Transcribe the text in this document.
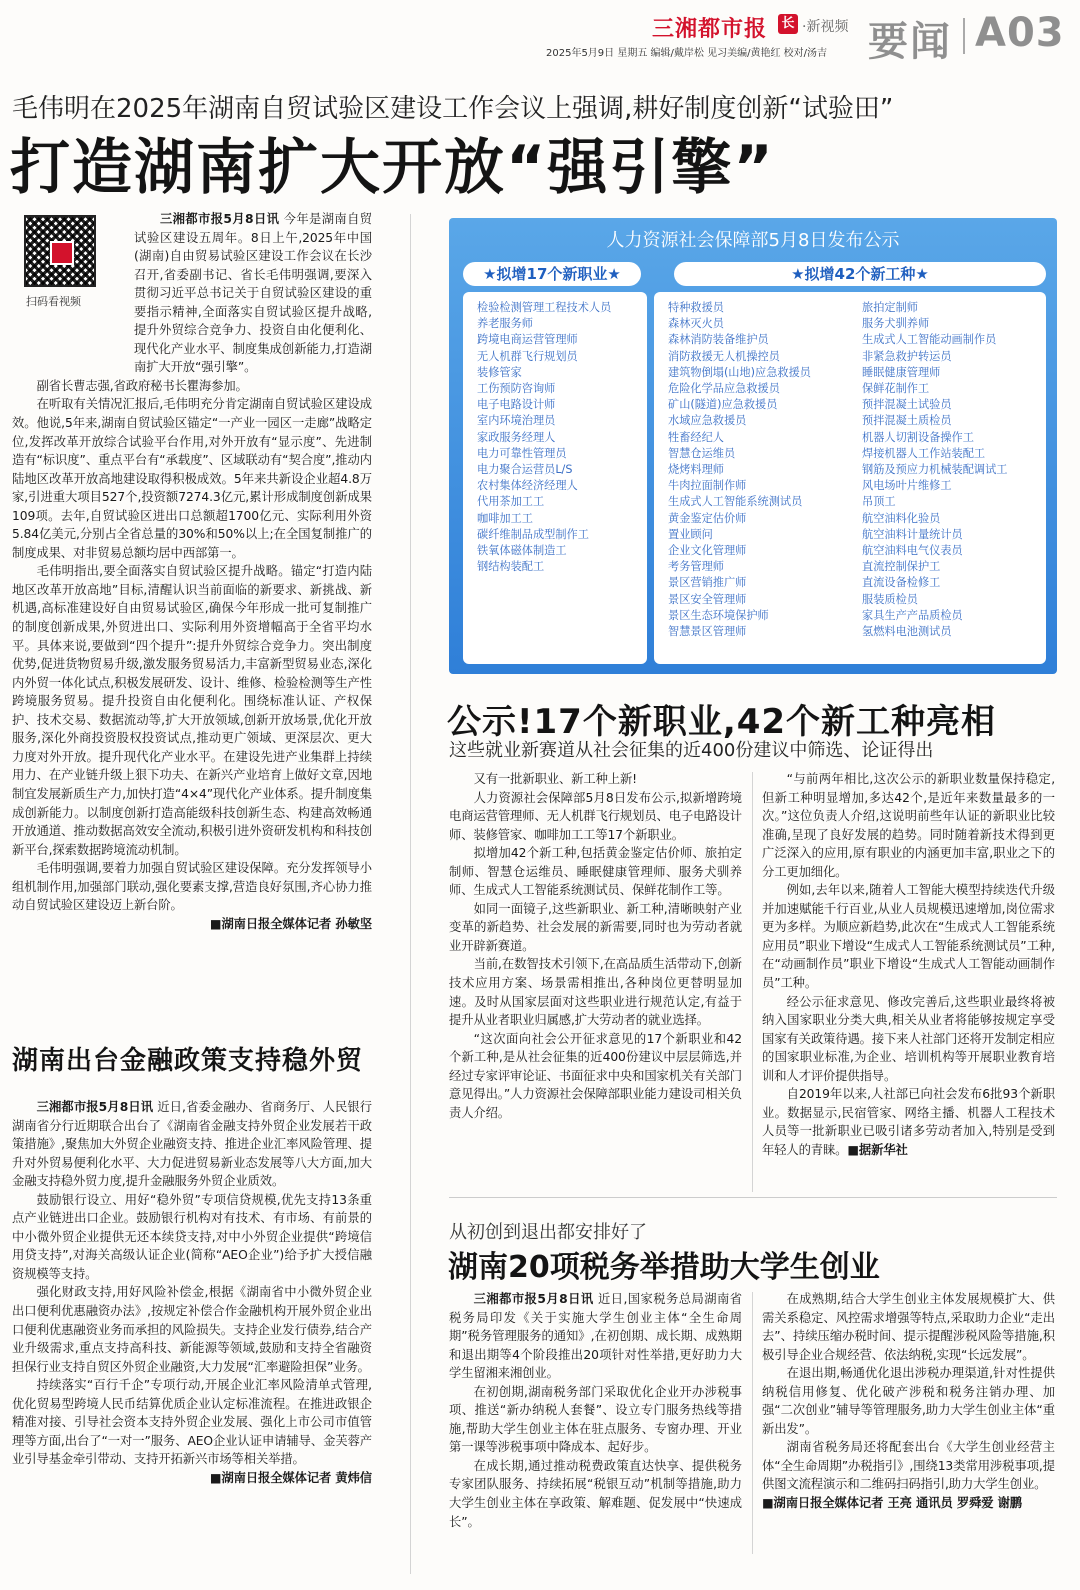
三湘都市报 长 ·新视频
2025年5月9日 星期五 编辑/戴岸松 见习美编/黄艳红 校对/汤吉 要闻 A03
毛伟明在2025年湖南自贸试验区建设工作会议上强调,耕好制度创新“试验田”
打造湖南扩大开放“强引擎”
扫码看视频

三湘都市报5月8日讯 今年是湖南自贸试验区建设五周年。8日上午,2025年中国(湖南)自由贸易试验区建设工作会议在长沙召开,省委副书记、省长毛伟明强调,要深入贯彻习近平总书记关于自贸试验区建设的重要指示精神,全面落实自贸试验区提升战略,提升外贸综合竞争力、投资自由化便利化、现代化产业水平、制度集成创新能力,打造湖南扩大开放“强引擎”。

副省长曹志强,省政府秘书长瞿海参加。

在听取有关情况汇报后,毛伟明充分肯定湖南自贸试验区建设成效。他说,5年来,湖南自贸试验区锚定“一产业一园区一走廊”战略定位,发挥改革开放综合试验平台作用,对外开放有“显示度”、先进制造有“标识度”、重点平台有“承载度”、区域联动有“契合度”,推动内陆地区改革开放高地建设取得积极成效。5年来共新设企业超4.8万家,引进重大项目527个,投资额7274.3亿元,累计形成制度创新成果109项。去年,自贸试验区进出口总额超1700亿元、实际利用外资5.84亿美元,分别占全省总量的30%和50%以上;在全国复制推广的制度成果、对非贸易总额均居中西部第一。

毛伟明指出,要全面落实自贸试验区提升战略。锚定“打造内陆地区改革开放高地”目标,清醒认识当前面临的新要求、新挑战、新机遇,高标准建设好自由贸易试验区,确保今年形成一批可复制推广的制度创新成果,外贸进出口、实际利用外资增幅高于全省平均水平。具体来说,要做到“四个提升”:提升外贸综合竞争力。突出制度优势,促进货物贸易升级,激发服务贸易活力,丰富新型贸易业态,深化内外贸一体化试点,积极发展研发、设计、维修、检验检测等生产性跨境服务贸易。提升投资自由化便利化。围绕标准认证、产权保护、技术交易、数据流动等,扩大开放领域,创新开放场景,优化开放服务,深化外商投资股权投资试点,推动更广领域、更深层次、更大力度对外开放。提升现代化产业水平。在建设先进产业集群上持续用力、在产业链升级上狠下功夫、在新兴产业培育上做好文章,因地制宜发展新质生产力,加快打造“4×4”现代化产业体系。提升制度集成创新能力。以制度创新打造高能级科技创新生态、构建高效畅通开放通道、推动数据高效安全流动,积极引进外资研发机构和科技创新平台,探索数据跨境流动机制。

毛伟明强调,要着力加强自贸试验区建设保障。充分发挥领导小组机制作用,加强部门联动,强化要素支撑,营造良好氛围,齐心协力推动自贸试验区建设迈上新台阶。

■湖南日报全媒体记者 孙敏坚

湖南出台金融政策支持稳外贸

三湘都市报5月8日讯 近日,省委金融办、省商务厅、人民银行湖南省分行近期联合出台了《湖南省金融支持外贸企业发展若干政策措施》,聚焦加大外贸企业融资支持、推进企业汇率风险管理、提升对外贸易便利化水平、大力促进贸易新业态发展等八大方面,加大金融支持稳外贸力度,提升金融服务外贸企业质效。

鼓励银行设立、用好“稳外贸”专项信贷规模,优先支持13条重点产业链进出口企业。鼓励银行机构对有技术、有市场、有前景的中小微外贸企业提供无还本续贷支持,对中小外贸企业提供“跨境信用贷支持”,对海关高级认证企业(简称“AEO企业”)给予扩大授信融资规模等支持。

强化财政支持,用好风险补偿金,根据《湖南省中小微外贸企业出口便利优惠融资办法》,按规定补偿合作金融机构开展外贸企业出口便利优惠融资业务而承担的风险损失。支持企业发行债券,结合产业升级需求,重点支持高科技、新能源等领域,鼓励和支持全省融资担保行业支持自贸区外贸企业融资,大力发展“汇率避险担保”业务。

持续落实“百行千企”专项行动,开展企业汇率风险清单式管理,优化贸易型跨境人民币结算优质企业认定标准流程。在推进政银企精准对接、引导社会资本支持外贸企业发展、强化上市公司市值管理等方面,出台了“一对一”服务、AEO企业认证申请辅导、金芙蓉产业引导基金牵引带动、支持开拓新兴市场等相关举措。

■湖南日报全媒体记者 黄炜信

人力资源社会保障部5月8日发布公示
★拟增17个新职业★	★拟增42个新工种★
检验检测管理工程技术人员
养老服务师
跨境电商运营管理师
无人机群飞行规划员
装修管家
工伤预防咨询师
电子电路设计师
室内环境治理员
家政服务经理人
电力可靠性管理员
电力聚合运营员L/S
农村集体经济经理人
代用茶加工工
咖啡加工工
碳纤维制品成型制作工
铁氧体磁体制造工
钢结构装配工
特种救援员
森林灭火员
森林消防装备维护员
消防救援无人机操控员
建筑物倒塌(山地)应急救援员
危险化学品应急救援员
矿山(隧道)应急救援员
水域应急救援员
牲畜经纪人
智慧仓运维员
烧烤料理师
牛肉拉面制作师
生成式人工智能系统测试员
黄金鉴定估价师
置业顾问
企业文化管理师
考务管理师
景区营销推广师
景区安全管理师
景区生态环境保护师
智慧景区管理师
旅拍定制师
服务犬驯养师
生成式人工智能动画制作员
非紧急救护转运员
睡眠健康管理师
保鲜花制作工
预拌混凝土试验员
预拌混凝土质检员
机器人切割设备操作工
焊接机器人工作站装配工
钢筋及预应力机械装配调试工
风电场叶片维修工
吊顶工
航空油料化验员
航空油料计量统计员
航空油料电气仪表员
直流控制保护工
直流设备检修工
服装质检员
家具生产产品质检员
氢燃料电池测试员
公示!17个新职业,42个新工种亮相
这些就业新赛道从社会征集的近400份建议中筛选、论证得出

又有一批新职业、新工种上新!

人力资源社会保障部5月8日发布公示,拟新增跨境电商运营管理师、无人机群飞行规划员、电子电路设计师、装修管家、咖啡加工工等17个新职业。

拟增加42个新工种,包括黄金鉴定估价师、旅拍定制师、智慧仓运维员、睡眠健康管理师、服务犬驯养师、生成式人工智能系统测试员、保鲜花制作工等。

如同一面镜子,这些新职业、新工种,清晰映射产业变革的新趋势、社会发展的新需要,同时也为劳动者就业开辟新赛道。

当前,在数智技术引领下,在高品质生活带动下,创新技术应用方案、场景需相推出,各种岗位更替明显加速。及时从国家层面对这些职业进行规范认定,有益于提升从业者职业归属感,扩大劳动者的就业选择。

“这次面向社会公开征求意见的17个新职业和42个新工种,是从社会征集的近400份建议中层层筛选,并经过专家评审论证、书面征求中央和国家机关有关部门意见得出。”人力资源社会保障部职业能力建设司相关负责人介绍。

“与前两年相比,这次公示的新职业数量保持稳定,但新工种明显增加,多达42个,是近年来数量最多的一次。”这位负责人介绍,这说明前些年认证的新职业比较准确,呈现了良好发展的趋势。同时随着新技术得到更广泛深入的应用,原有职业的内涵更加丰富,职业之下的分工更加细化。

例如,去年以来,随着人工智能大模型持续迭代升级并加速赋能千行百业,从业人员规模迅速增加,岗位需求更为多样。为顺应新趋势,此次在“生成式人工智能系统应用员”职业下增设“生成式人工智能系统测试员”工种,在“动画制作员”职业下增设“生成式人工智能动画制作员”工种。

经公示征求意见、修改完善后,这些职业最终将被纳入国家职业分类大典,相关从业者将能够按规定享受国家有关政策待遇。接下来人社部门还将开发制定相应的国家职业标准,为企业、培训机构等开展职业教育培训和人才评价提供指导。

自2019年以来,人社部已向社会发布6批93个新职业。数据显示,民宿管家、网络主播、机器人工程技术人员等一批新职业已吸引诸多劳动者加入,特别是受到年轻人的青睐。■据新华社

从初创到退出都安排好了
湖南20项税务举措助大学生创业

三湘都市报5月8日讯 近日,国家税务总局湖南省税务局印发《关于实施大学生创业主体“全生命周期”税务管理服务的通知》,在初创期、成长期、成熟期和退出期等4个阶段推出20项针对性举措,更好助力大学生留湘来湘创业。

在初创期,湖南税务部门采取优化企业开办涉税事项、推送“新办纳税人套餐”、设立专门服务热线等措施,帮助大学生创业主体在驻点服务、专窗办理、开业第一课等涉税事项中降成本、起好步。

在成长期,通过推动税费政策直达快享、提供税务专家团队服务、持续拓展“税银互动”机制等措施,助力大学生创业主体在享政策、解难题、促发展中“快速成长”。

在成熟期,结合大学生创业主体发展规模扩大、供需关系稳定、风控需求增强等特点,采取助力企业“走出去”、持续压缩办税时间、提示提醒涉税风险等措施,积极引导企业合规经营、依法纳税,实现“长远发展”。

在退出期,畅通优化退出涉税办理渠道,针对性提供纳税信用修复、优化破产涉税和税务注销办理、加强“二次创业”辅导等管理服务,助力大学生创业主体“重新出发”。

湖南省税务局还将配套出台《大学生创业经营主体“全生命周期”办税指引》,围绕13类常用涉税事项,提供图文流程演示和二维码扫码指引,助力大学生创业。

■湖南日报全媒体记者 王亮 通讯员 罗舜爱 谢鹏
